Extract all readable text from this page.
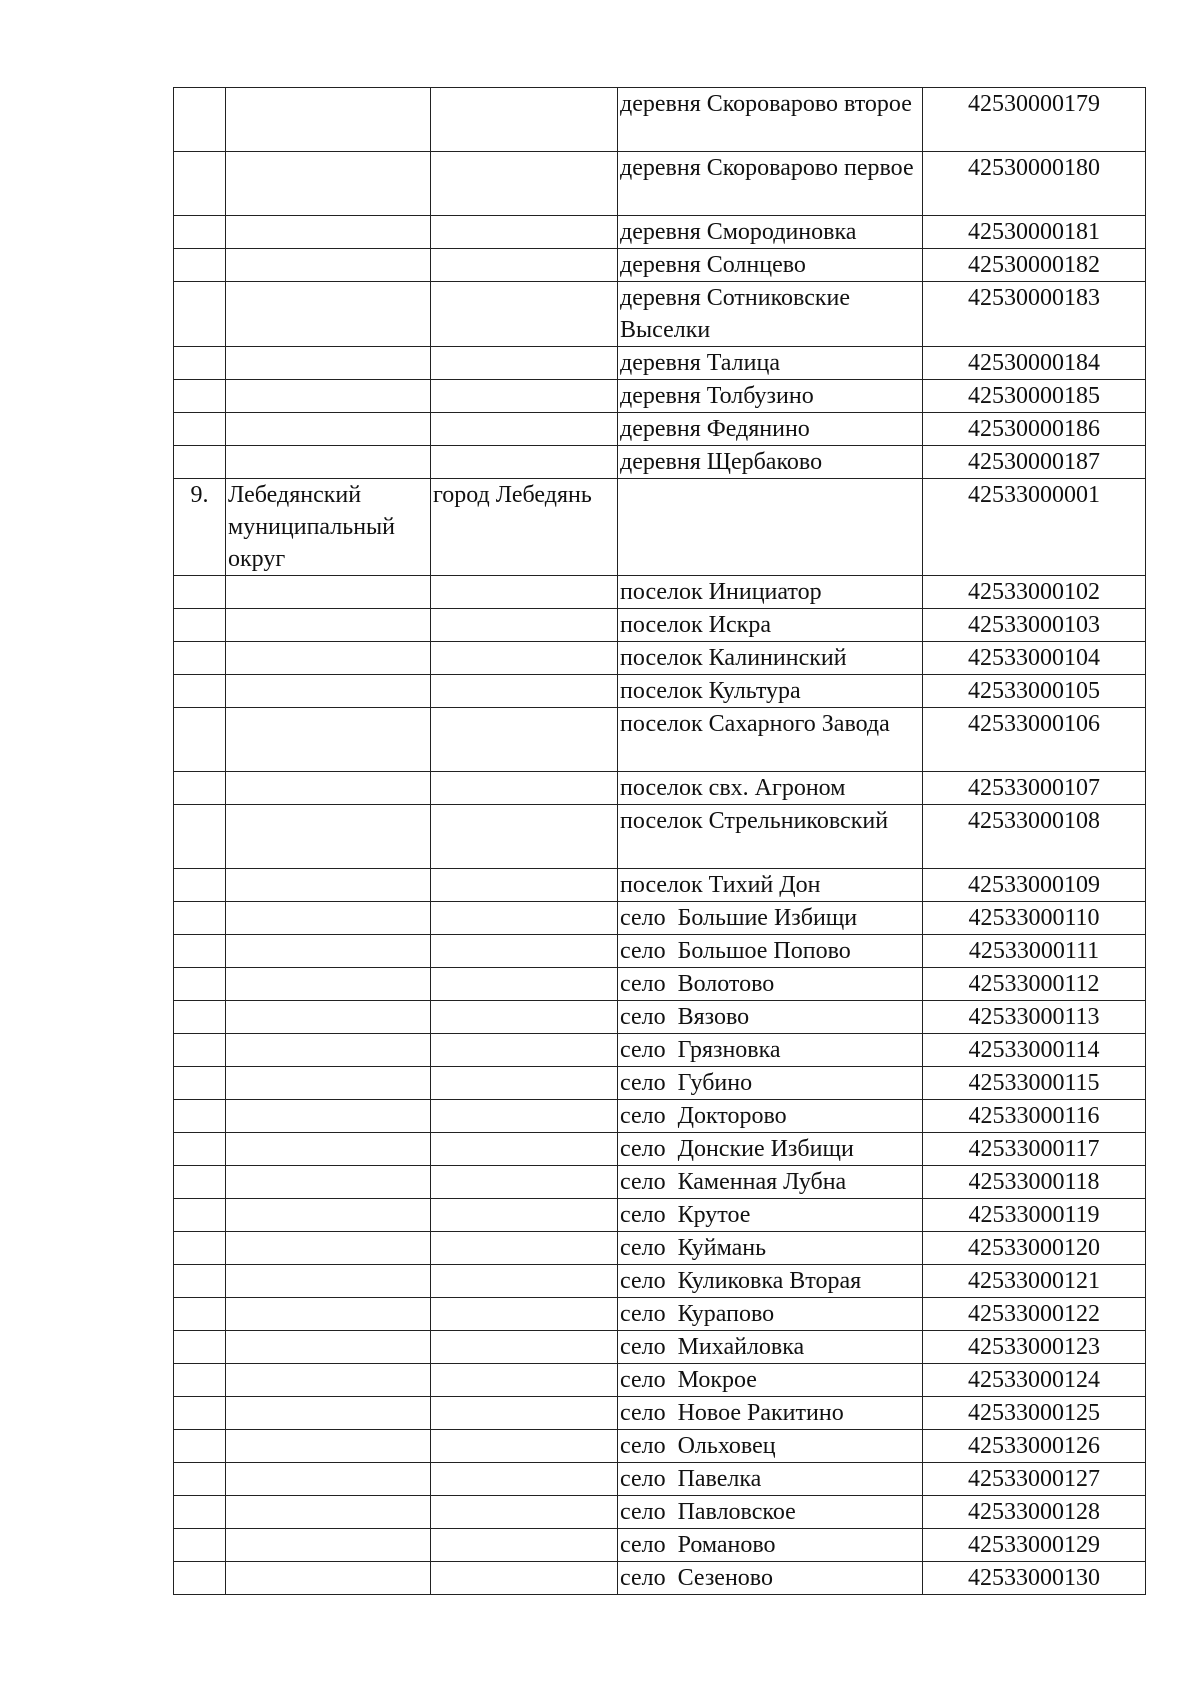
			деревня Скороварово второе	42530000179
			деревня Скороварово первое	42530000180
			деревня Смородиновка	42530000181
			деревня Солнцево	42530000182
			деревня Сотниковские Выселки	42530000183
			деревня Талица	42530000184
			деревня Толбузино	42530000185
			деревня Федянино	42530000186
			деревня Щербаково	42530000187
9.	Лебедянский муниципальный округ	город Лебедянь		42533000001
			поселок Инициатор	42533000102
			поселок Искра	42533000103
			поселок Калининский	42533000104
			поселок Культура	42533000105
			поселок Сахарного Завода	42533000106
			поселок свх. Агроном	42533000107
			поселок Стрельниковский	42533000108
			поселок Тихий Дон	42533000109
			село  Большие Избищи	42533000110
			село  Большое Попово	42533000111
			село  Волотово	42533000112
			село  Вязово	42533000113
			село  Грязновка	42533000114
			село  Губино	42533000115
			село  Докторово	42533000116
			село  Донские Избищи	42533000117
			село  Каменная Лубна	42533000118
			село  Крутое	42533000119
			село  Куймань	42533000120
			село  Куликовка Вторая	42533000121
			село  Курапово	42533000122
			село  Михайловка	42533000123
			село  Мокрое	42533000124
			село  Новое Ракитино	42533000125
			село  Ольховец	42533000126
			село  Павелка	42533000127
			село  Павловское	42533000128
			село  Романово	42533000129
			село  Сезеново	42533000130
